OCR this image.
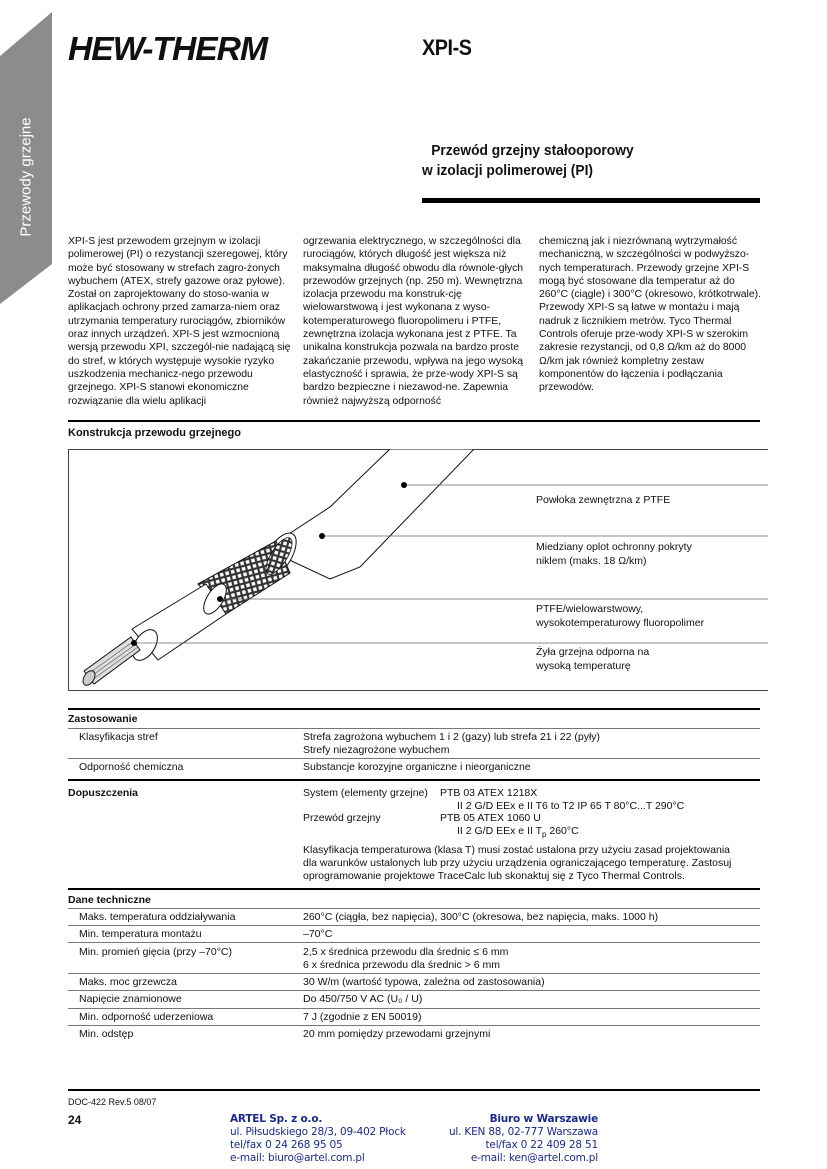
Przewody grzejne
HEW-THERM	XPI-S
Przewód grzejny stałooporowy
w izolacji polimerowej (PI)

XPI-S jest przewodem grzejnym w izolacji polimerowej (PI) o rezystancji szeregowej, który może być stosowany w strefach zagro-żonych wybuchem (ATEX, strefy gazowe oraz pyłowe). Został on zaprojektowany do stoso-wania w aplikacjach ochrony przed zamarza-niem oraz utrzymania temperatury rurociągów, zbiorników oraz innych urządzeń. XPI-S jest wzmocnioną wersją przewodu XPI, szczegól-nie nadającą się do stref, w których występuje wysokie ryzyko uszkodzenia mechanicz-nego przewodu grzejnego. XPI-S stanowi ekonomiczne rozwiązanie dla wielu aplikacji

ogrzewania elektrycznego, w szczególności dla rurociągów, których długość jest większa niż maksymalna długość obwodu dla równole-głych przewodów grzejnych (np. 250 m). Wewnętrzna izolacja przewodu ma konstruk-cję wielowarstwową i jest wykonana z wyso-kotemperaturowego fluoropolimeru i PTFE, zewnętrzna izolacja wykonana jest z PTFE. Ta unikalna konstrukcja pozwala na bardzo proste zakańczanie przewodu, wpływa na jego wysoką elastyczność i sprawia, że prze-wody XPI-S są bardzo bezpieczne i niezawod-ne. Zapewnia również najwyższą odporność

chemiczną jak i niezrównaną wytrzymałość mechaniczną, w szczególności w podwyższo-nych temperaturach. Przewody grzejne XPI-S mogą być stosowane dla temperatur aż do 260°C (ciągle) i 300°C (okresowo, krótkotrwale). Przewody XPI-S są łatwe w montażu i mają nadruk z licznikiem metrów. Tyco Thermal Controls oferuje prze-wody XPI-S w szerokim zakresie rezystancji, od 0,8 Ω/km aż do 8000 Ω/km jak również kompletny zestaw komponentów do łączenia i podłączania przewodów.

Konstrukcja przewodu grzejnego
Powłoka zewnętrzna z PTFE
Miedziany oplot ochronny pokryty
niklem (maks. 18 Ω/km)
PTFE/wielowarstwowy,
wysokotemperaturowy fluoropolimer
Żyła grzejna odporna na
wysoką temperaturę
Zastosowanie
Klasyfikacja stref	Strefa zagrożona wybuchem 1 i 2 (gazy) lub strefa 21 i 22 (pyły)
Strefy niezagrożone wybuchem
Odporność chemiczna	Substancje korozyjne organiczne i nieorganiczne
Dopuszczenia	System (elementy grzejne) PTB 03 ATEX 1218X
II 2 G/D EEx e II T6 to T2 IP 65 T 80°C...T 290°C
Przewód grzejny	PTB 05 ATEX 1060 U
II 2 G/D EEx e II $T_p$ 260°C
Klasyfikacja temperaturowa (klasa T) musi zostać ustalona przy użyciu zasad projektowania
dla warunków ustalonych lub przy użyciu urządzenia ograniczającego temperaturę. Zastosuj
oprogramowanie projektowe TraceCalc lub skonaktuj się z Tyco Thermal Controls.
Dane techniczne
Maks. temperatura oddziaływania	260°C (ciągła, bez napięcia), 300°C (okresowa, bez napięcia, maks. 1000 h)
Min. temperatura montażu	–70°C
Min. promień gięcia (przy –70°C)	2,5 x średnica przewodu dla średnic ≤ 6 mm
6 x średnica przewodu dla średnic > 6 mm
Maks. moc grzewcza	30 W/m (wartość typowa, zależna od zastosowania)
Napięcie znamionowe	Do 450/750 V AC (U₀ / U)
Min. odporność uderzeniowa	7 J (zgodnie z EN 50019)
Min. odstęp	20 mm pomiędzy przewodami grzejnymi
DOC-422 Rev.5 08/07
24	ARTEL Sp. z o.o.
ul. Piłsudskiego 28/3, 09-402 Płock
tel/fax 0 24 268 95 05
e-mail: biuro@artel.com.pl
Biuro w Warszawie
ul. KEN 88, 02-777 Warszawa
tel/fax 0 22 409 28 51
e-mail: ken@artel.com.pl
